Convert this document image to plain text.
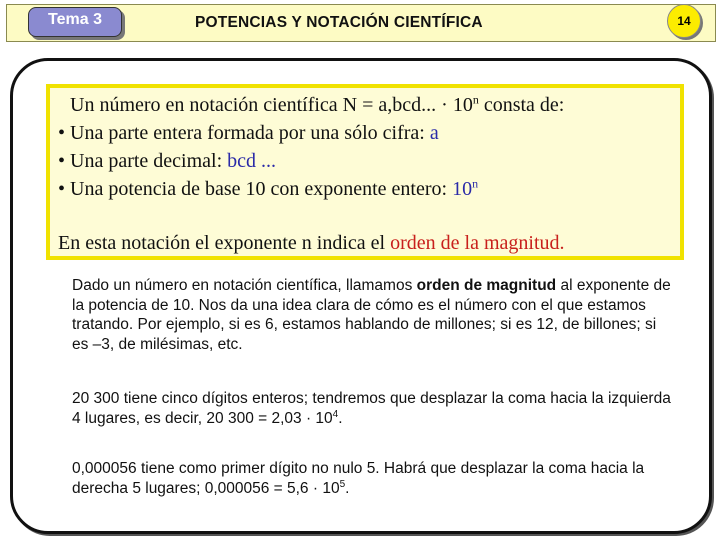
Tema 3	POTENCIAS Y NOTACIÓN CIENTÍFICA	14
Un número en notación científica N = a,bcd... · $10^n$ consta de:
• Una parte entera formada por una sólo cifra: a
• Una parte decimal: bcd ...
• Una potencia de base 10 con exponente entero: 10$^n$
En esta notación el exponente n indica el orden de la magnitud.
Dado un número en notación científica, llamamos orden de magnitud al exponente de la potencia de 10. Nos da una idea clara de cómo es el número con el que estamos tratando. Por ejemplo, si es 6, estamos hablando de millones; si es 12, de billones; si es –3, de milésimas, etc.
20 300 tiene cinco dígitos enteros; tendremos que desplazar la coma hacia la izquierda 4 lugares, es decir, 20 $300 = 2,03 \cdot 10^4$.
0,000056 tiene como primer dígito no nulo 5. Habrá que desplazar la coma hacia la derecha 5 lugares; $0,000056 = 5,6 \cdot 10^5$.
